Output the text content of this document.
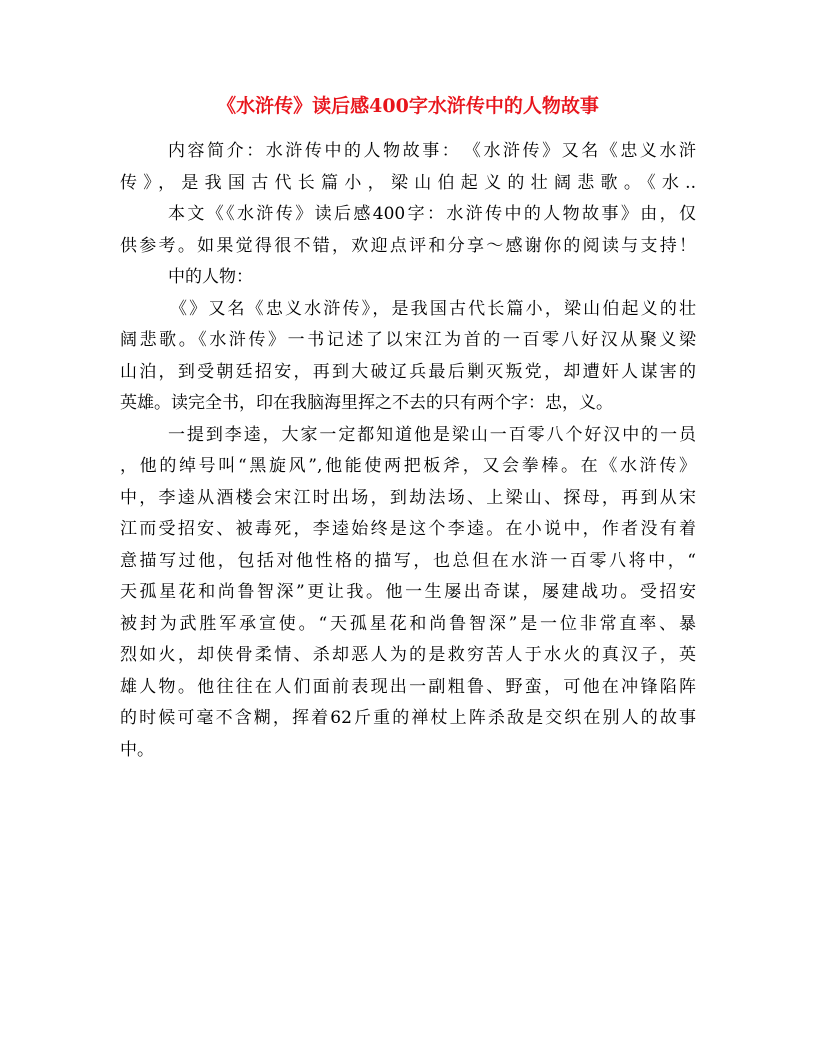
《水浒传》读后感400字水浒传中的人物故事
内容简介：水浒传中的人物故事：　《水浒传》又名《忠义水浒
传》，是我国古代长篇小，梁山伯起义的壮阔悲歌。《水..
本文《《水浒传》读后感400字：水浒传中的人物故事》由，仅
供参考。如果觉得很不错，欢迎点评和分享～感谢你的阅读与支持！
中的人物：
《》又名《忠义水浒传》，是我国古代长篇小，梁山伯起义的壮
阔悲歌。《水浒传》一书记述了以宋江为首的一百零八好汉从聚义梁
山泊，到受朝廷招安，再到大破辽兵最后剿灭叛党，却遭奸人谋害的
英雄。读完全书，印在我脑海里挥之不去的只有两个字：忠，义。
一提到李逵，大家一定都知道他是梁山一百零八个好汉中的一员
，他的绰号叫“黑旋风”,他能使两把板斧，又会拳棒。在《水浒传》
中，李逵从酒楼会宋江时出场，到劫法场、上梁山、探母，再到从宋
江而受招安、被毒死，李逵始终是这个李逵。在小说中，作者没有着
意描写过他，包括对他性格的描写，也总但在水浒一百零八将中，“
天孤星花和尚鲁智深”更让我。他一生屡出奇谋，屡建战功。受招安
被封为武胜军承宣使。“天孤星花和尚鲁智深”是一位非常直率、暴
烈如火，却侠骨柔情、杀却恶人为的是救穷苦人于水火的真汉子，英
雄人物。他往往在人们面前表现出一副粗鲁、野蛮，可他在冲锋陷阵
的时候可毫不含糊，挥着62斤重的禅杖上阵杀敌是交织在别人的故事
中。
